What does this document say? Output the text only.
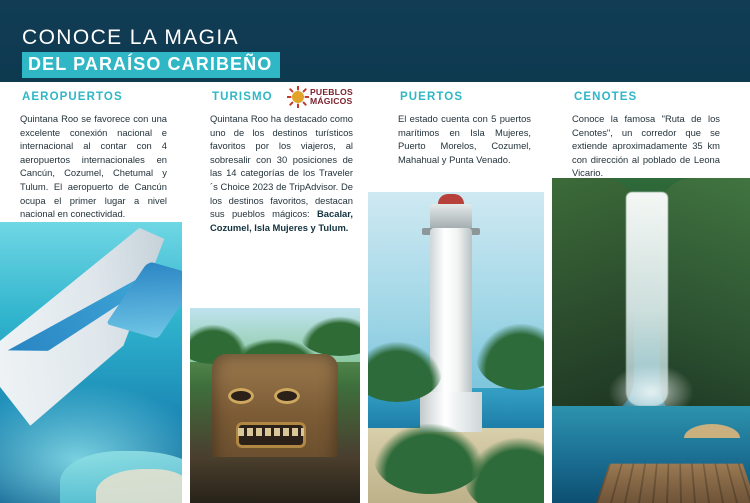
CONOCE LA MAGIA
DEL PARAÍSO CARIBEÑO
AEROPUERTOS
Quintana Roo se favorece con una excelente conexión nacional e internacional al contar con 4 aeropuertos internacionales en Cancún, Cozumel, Chetumal y Tulum. El aeropuerto de Cancún ocupa el primer lugar a nivel nacional en conectividad.
TURISMO	PUEBLOS
MÁGICOS
Quintana Roo ha destacado como uno de los destinos turísticos favoritos por los viajeros, al sobresalir con 30 posiciones de las 14 categorías de los Traveler´s Choice 2023 de TripAdvisor. De los destinos favoritos, destacan sus pueblos mágicos: Bacalar, Cozumel, Isla Mujeres y Tulum.
PUERTOS
El estado cuenta con 5 puertos marítimos en Isla Mujeres, Puerto Morelos, Cozumel, Mahahual y Punta Venado.
CENOTES
Conoce la famosa "Ruta de los Cenotes", un corredor que se extiende aproximadamente 35 km con dirección al poblado de Leona Vicario.
